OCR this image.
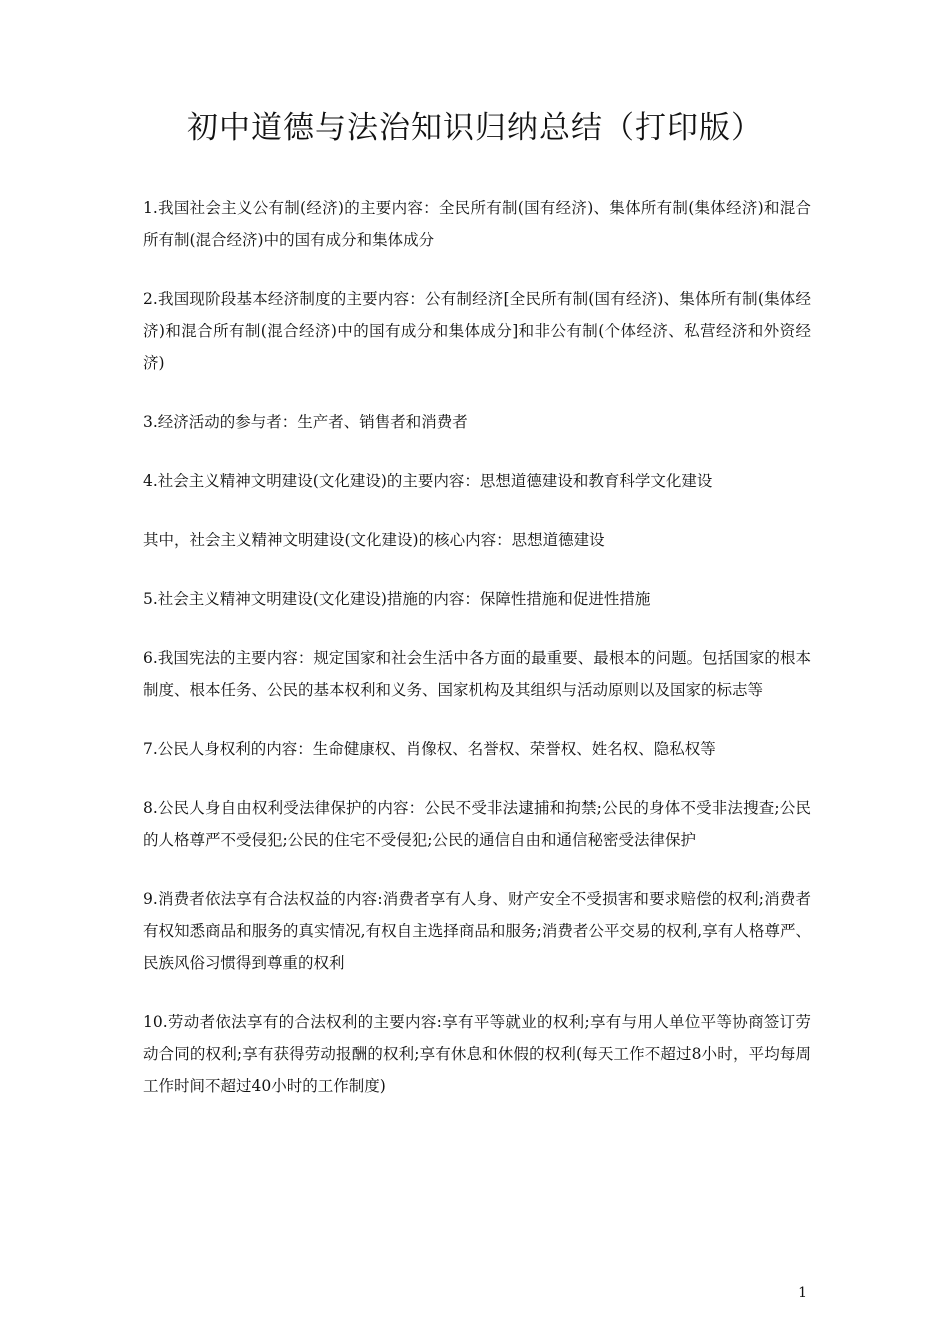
初中道德与法治知识归纳总结（打印版）

1.我国社会主义公有制(经济)的主要内容：全民所有制(国有经济)、集体所有制(集体经济)和混合所有制(混合经济)中的国有成分和集体成分

2.我国现阶段基本经济制度的主要内容：公有制经济[全民所有制(国有经济)、集体所有制(集体经济)和混合所有制(混合经济)中的国有成分和集体成分]和非公有制(个体经济、私营经济和外资经济)

3.经济活动的参与者：生产者、销售者和消费者

4.社会主义精神文明建设(文化建设)的主要内容：思想道德建设和教育科学文化建设

其中，社会主义精神文明建设(文化建设)的核心内容：思想道德建设

5.社会主义精神文明建设(文化建设)措施的内容：保障性措施和促进性措施

6.我国宪法的主要内容：规定国家和社会生活中各方面的最重要、最根本的问题。包括国家的根本制度、根本任务、公民的基本权利和义务、国家机构及其组织与活动原则以及国家的标志等

7.公民人身权利的内容：生命健康权、肖像权、名誉权、荣誉权、姓名权、隐私权等

8.公民人身自由权利受法律保护的内容：公民不受非法逮捕和拘禁;公民的身体不受非法搜查;公民的人格尊严不受侵犯;公民的住宅不受侵犯;公民的通信自由和通信秘密受法律保护

9.消费者依法享有合法权益的内容:消费者享有人身、财产安全不受损害和要求赔偿的权利;消费者有权知悉商品和服务的真实情况,有权自主选择商品和服务;消费者公平交易的权利,享有人格尊严、民族风俗习惯得到尊重的权利

10.劳动者依法享有的合法权利的主要内容:享有平等就业的权利;享有与用人单位平等协商签订劳动合同的权利;享有获得劳动报酬的权利;享有休息和休假的权利(每天工作不超过8小时，平均每周工作时间不超过40小时的工作制度)

1
